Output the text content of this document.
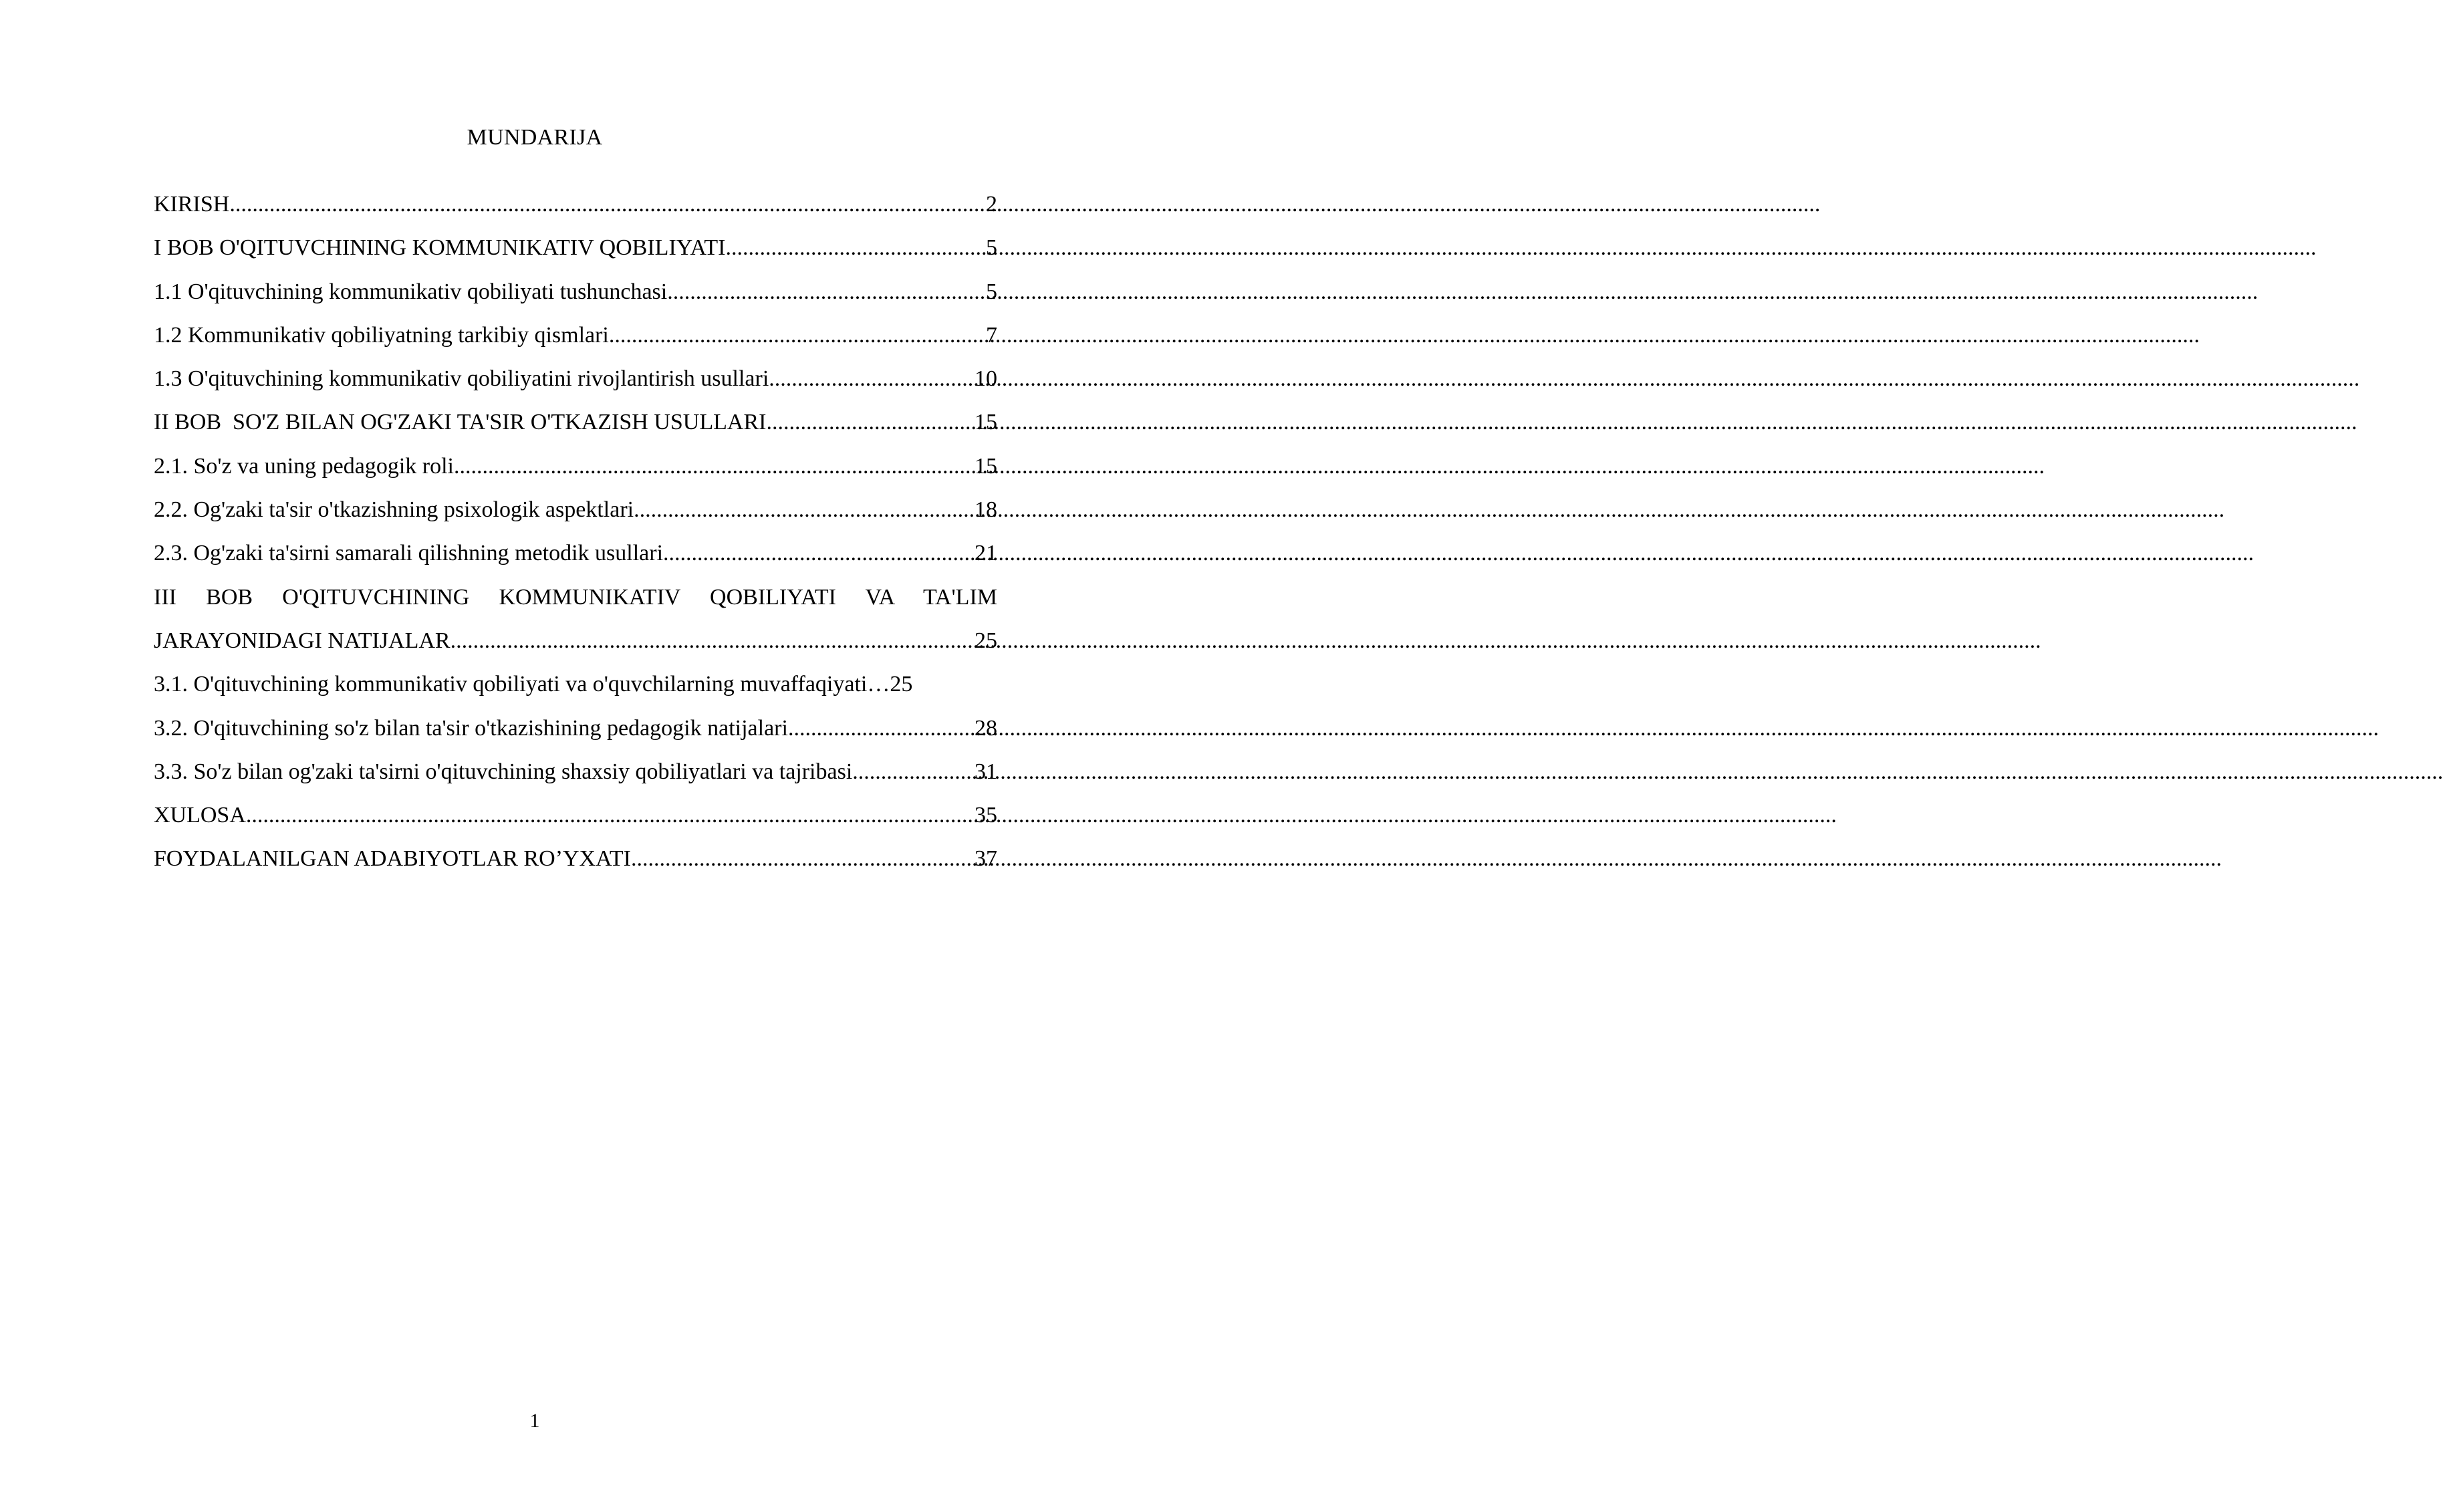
MUNDARIJA
KIRISH .....	2
I BOB O'QITUVCHINING KOMMUNIKATIV QOBILIYATI .....	5
1.1 O'qituvchining kommunikativ qobiliyati tushunchasi .....	5
1.2 Kommunikativ qobiliyatning tarkibiy qismlari .....	7
1.3 O'qituvchining kommunikativ qobiliyatini rivojlantirish usullari .....	10
II BOB  SO'Z BILAN OG'ZAKI TA'SIR O'TKAZISH USULLARI .....	15
2.1. So'z va uning pedagogik roli .....	15
2.2. Og'zaki ta'sir o'tkazishning psixologik aspektlari .....	18
2.3. Og'zaki ta'sirni samarali qilishning metodik usullari .....	21
III BOB O'QITUVCHINING KOMMUNIKATIV QOBILIYATI VA TA'LIM
JARAYONIDAGI NATIJALAR .....	25
3.1. O'qituvchining kommunikativ qobiliyati va o'quvchilarning muvaffaqiyati… 25
3.2. O'qituvchining so'z bilan ta'sir o'tkazishining pedagogik natijalari .....	28
3.3. So'z bilan og'zaki ta'sirni o'qituvchining shaxsiy qobiliyatlari va tajribasi .....	31
XULOSA .....	35
FOYDALANILGAN ADABIYOTLAR RO’YXATI .....	37
1
